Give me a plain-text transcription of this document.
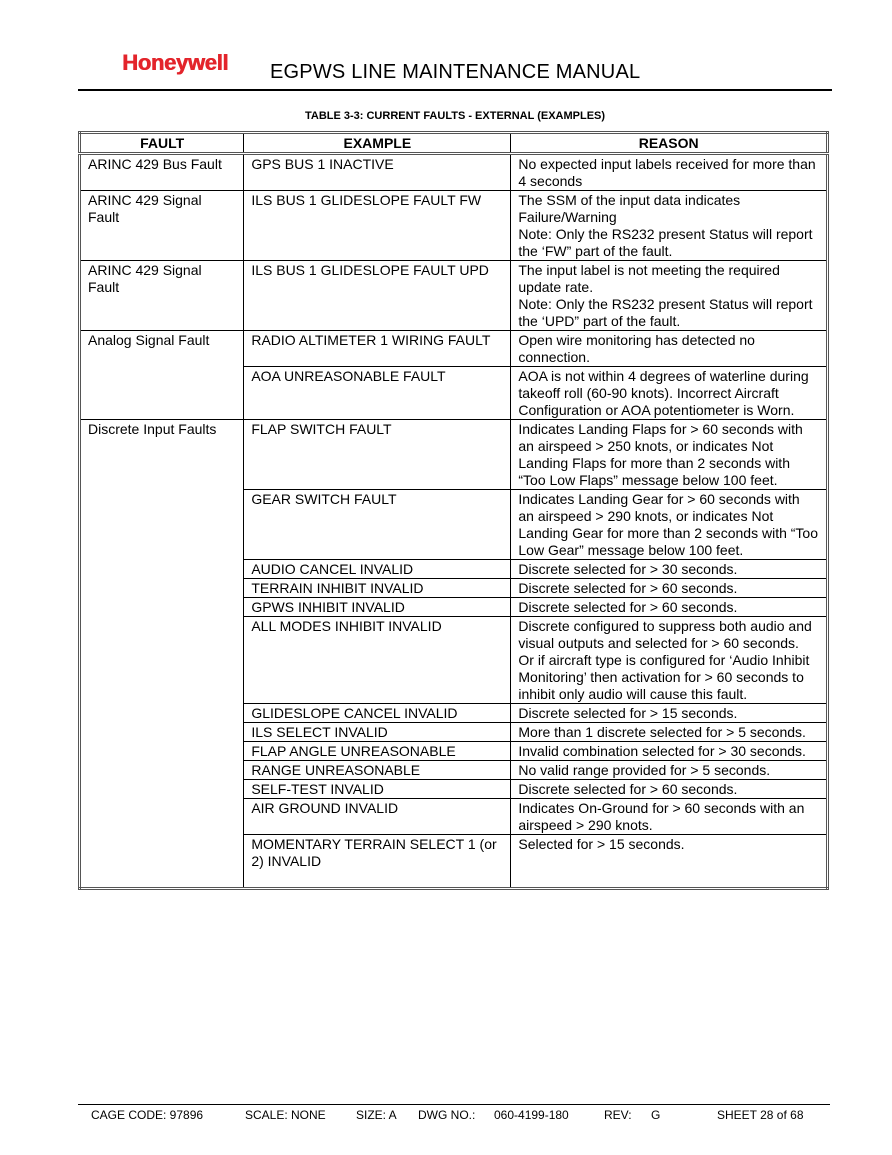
Honeywell EGPWS LINE MAINTENANCE MANUAL
TABLE 3-3: CURRENT FAULTS - EXTERNAL (EXAMPLES)
FAULT	EXAMPLE	REASON
ARINC 429 Bus Fault	GPS BUS 1 INACTIVE	No expected input labels received for more than 4 seconds
ARINC 429 Signal Fault	ILS BUS 1 GLIDESLOPE FAULT FW	The SSM of the input data indicates Failure/Warning
Note: Only the RS232 present Status will report the ‘FW” part of the fault.
ARINC 429 Signal Fault	ILS BUS 1 GLIDESLOPE FAULT UPD	The input label is not meeting the required update rate.
Note: Only the RS232 present Status will report the ‘UPD” part of the fault.
Analog Signal Fault	RADIO ALTIMETER 1 WIRING FAULT	Open wire monitoring has detected no connection.
	AOA UNREASONABLE FAULT	AOA is not within 4 degrees of waterline during takeoff roll (60-90 knots). Incorrect Aircraft Configuration or AOA potentiometer is Worn.
Discrete Input Faults	FLAP SWITCH FAULT	Indicates Landing Flaps for > 60 seconds with an airspeed > 250 knots, or indicates Not Landing Flaps for more than 2 seconds with “Too Low Flaps” message below 100 feet.
	GEAR SWITCH FAULT	Indicates Landing Gear for > 60 seconds with an airspeed > 290 knots, or indicates Not Landing Gear for more than 2 seconds with “Too Low Gear” message below 100 feet.
	AUDIO CANCEL INVALID	Discrete selected for > 30 seconds.
	TERRAIN INHIBIT INVALID	Discrete selected for > 60 seconds.
	GPWS INHIBIT INVALID	Discrete selected for > 60 seconds.
	ALL MODES INHIBIT INVALID	Discrete configured to suppress both audio and visual outputs and selected for > 60 seconds.
Or if aircraft type is configured for ‘Audio Inhibit Monitoring’ then activation for > 60 seconds to inhibit only audio will cause this fault.
	GLIDESLOPE CANCEL INVALID	Discrete selected for > 15 seconds.
	ILS SELECT INVALID	More than 1 discrete selected for > 5 seconds.
	FLAP ANGLE UNREASONABLE	Invalid combination selected for > 30 seconds.
	RANGE UNREASONABLE	No valid range provided for > 5 seconds.
	SELF-TEST INVALID	Discrete selected for > 60 seconds.
	AIR GROUND INVALID	Indicates On-Ground for > 60 seconds with an airspeed > 290 knots.
	MOMENTARY TERRAIN SELECT 1 (or 2) INVALID	Selected for > 15 seconds.
CAGE CODE: 97896	SCALE: NONE	SIZE: A DWG NO.: 060-4199-180	REV: G	SHEET 28 of 68
